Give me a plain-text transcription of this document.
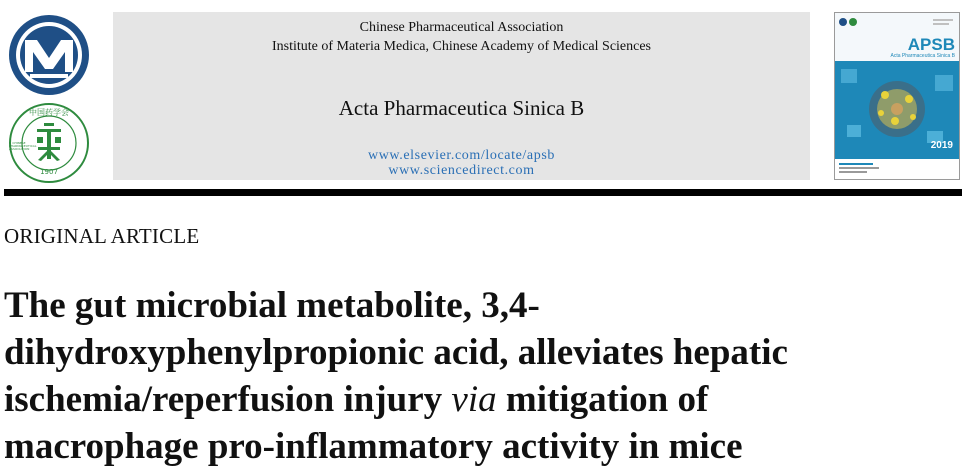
中国药学会
CHINESE PHARMACEUTICAL ASSOCIATION
1907
Chinese Pharmaceutical Association
Institute of Materia Medica, Chinese Academy of Medical Sciences
Acta Pharmaceutica Sinica B
www.elsevier.com/locate/apsb
www.sciencedirect.com
APSB
Acta Pharmaceutica Sinica B
2019
ORIGINAL ARTICLE
The gut microbial metabolite, 3,4-
dihydroxyphenylpropionic acid, alleviates hepatic
ischemia/reperfusion injury via mitigation of
macrophage pro-inflammatory activity in mice
